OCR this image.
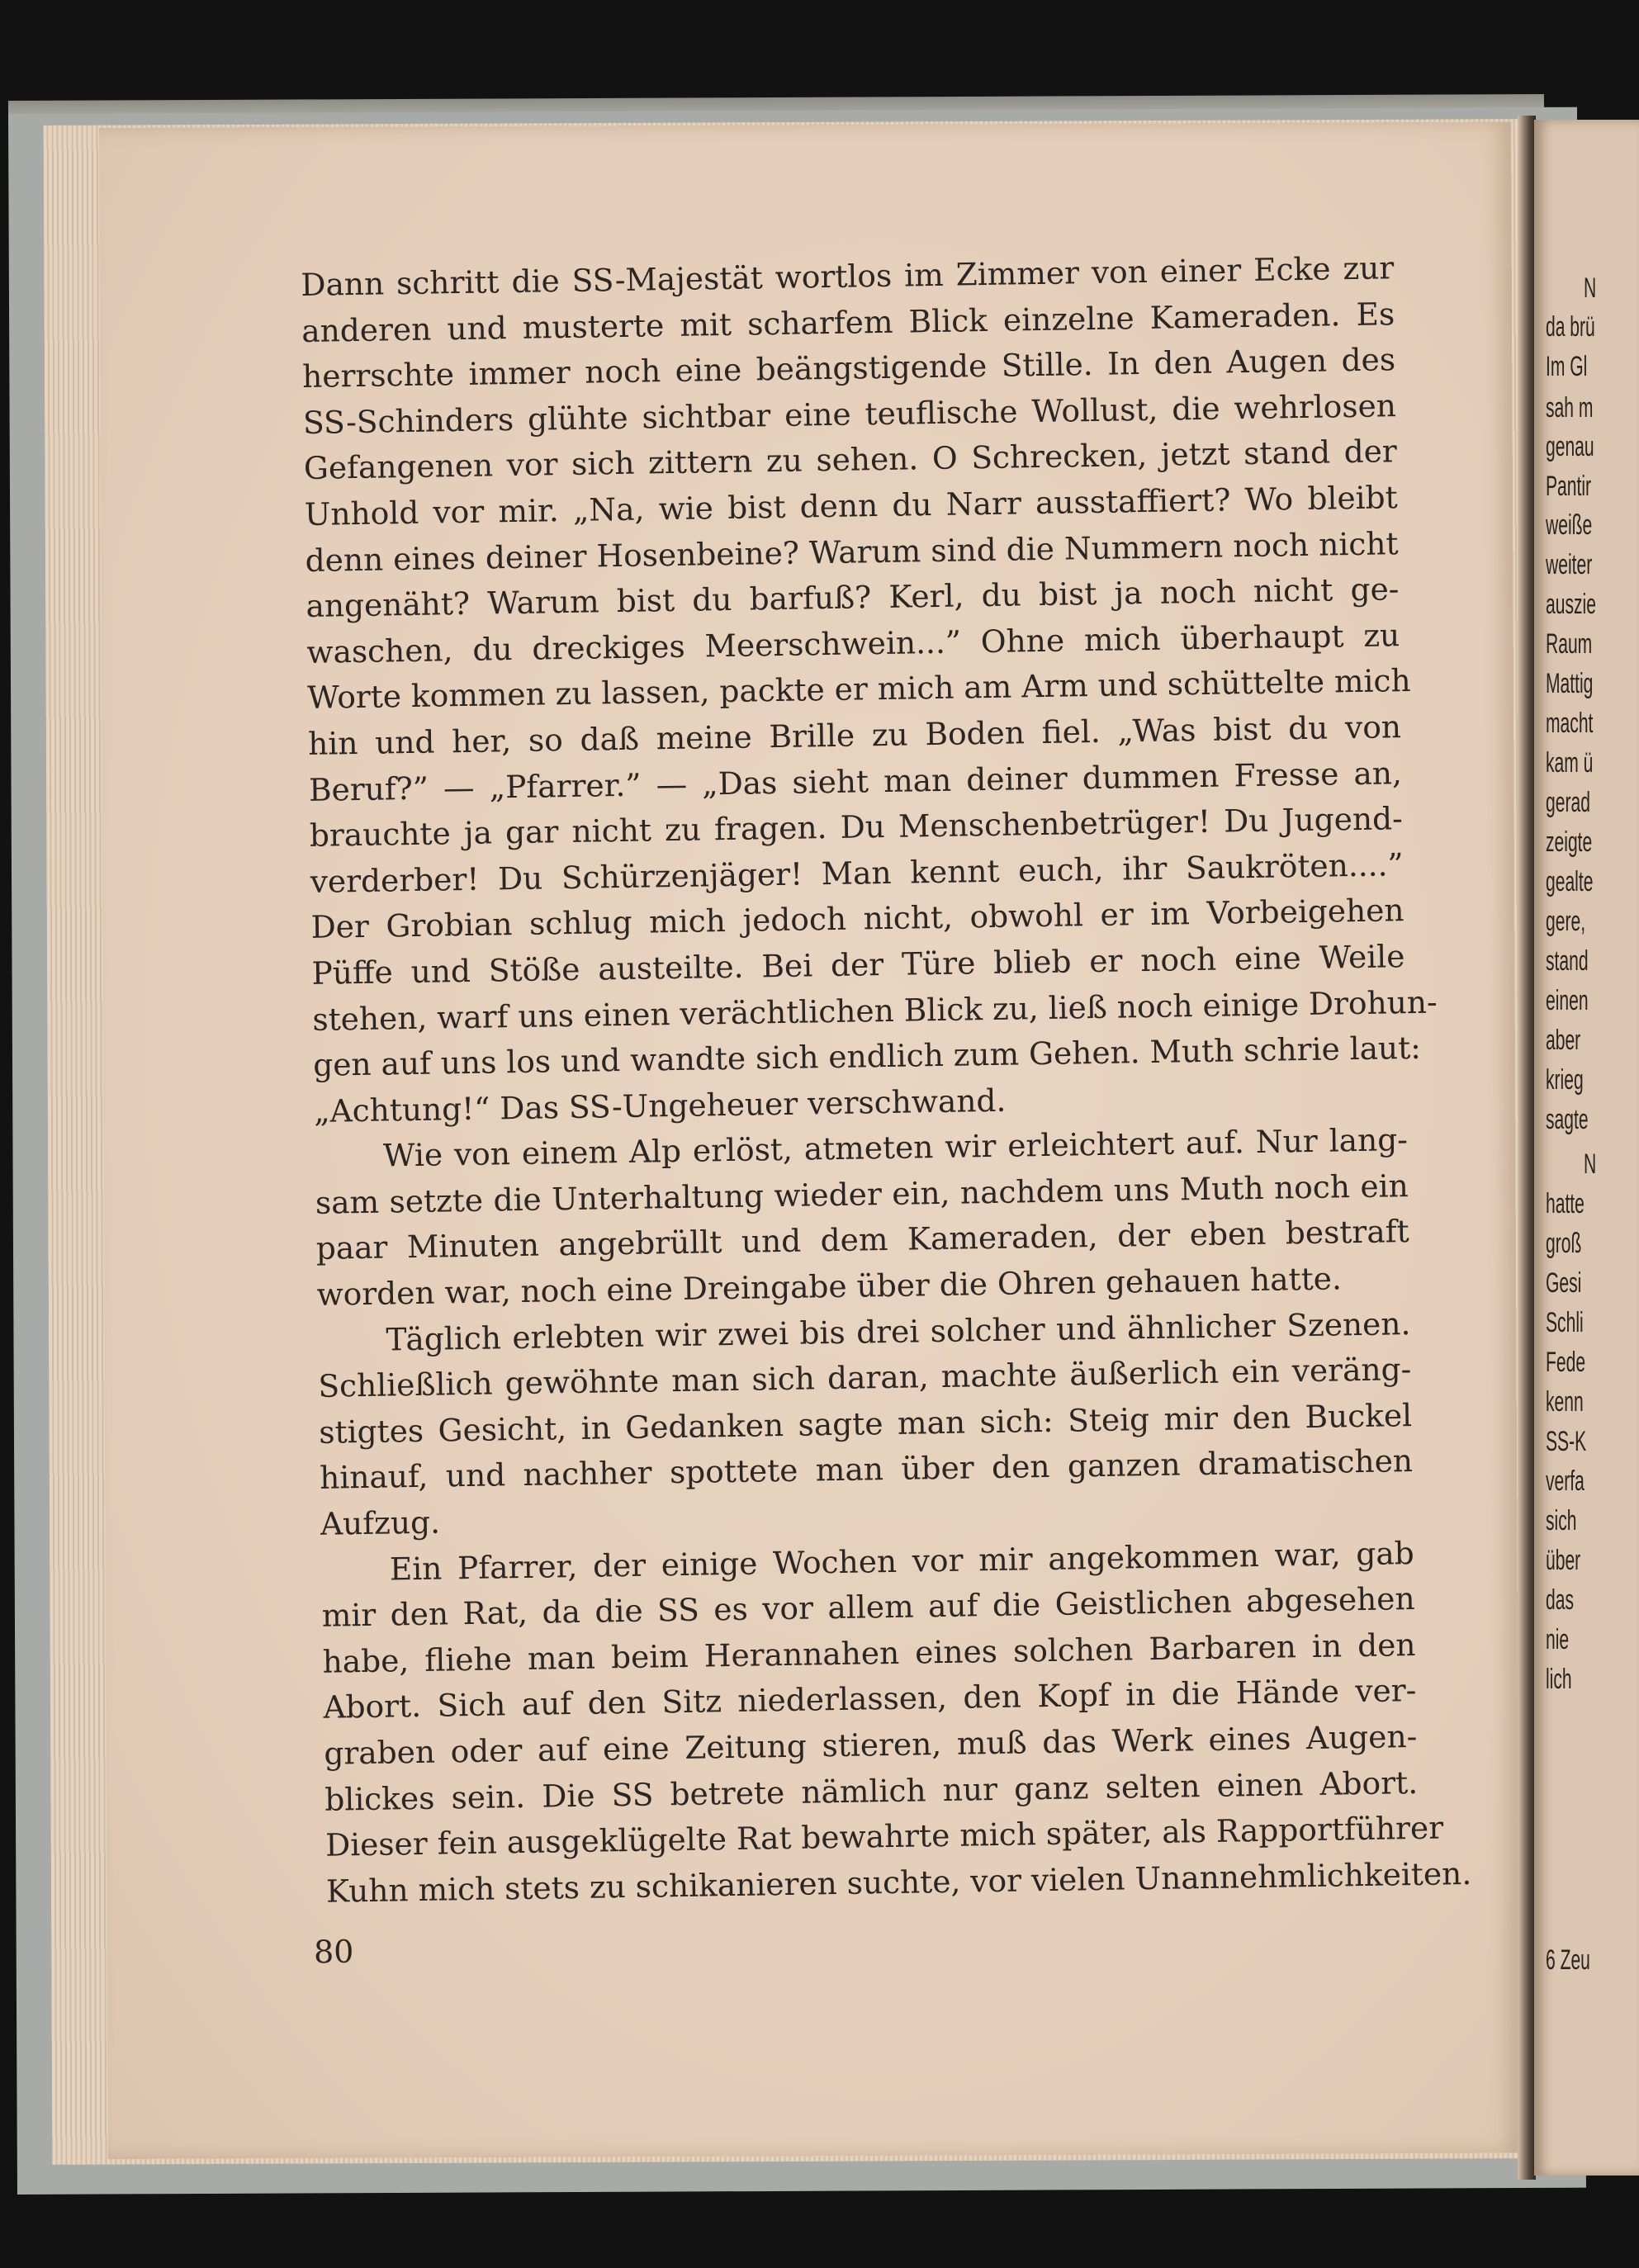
Dann schritt die SS-Majestät wortlos im Zimmer von einer Ecke zur
anderen und musterte mit scharfem Blick einzelne Kameraden. Es
herrschte immer noch eine beängstigende Stille. In den Augen des
SS-Schinders glühte sichtbar eine teuflische Wollust, die wehrlosen
Gefangenen vor sich zittern zu sehen. O Schrecken, jetzt stand der
Unhold vor mir. „Na, wie bist denn du Narr ausstaffiert? Wo bleibt
denn eines deiner Hosenbeine? Warum sind die Nummern noch nicht
angenäht? Warum bist du barfuß? Kerl, du bist ja noch nicht ge-
waschen, du dreckiges Meerschwein...” Ohne mich überhaupt zu
Worte kommen zu lassen, packte er mich am Arm und schüttelte mich
hin und her, so daß meine Brille zu Boden fiel. „Was bist du von
Beruf?” — „Pfarrer.” — „Das sieht man deiner dummen Fresse an,
brauchte ja gar nicht zu fragen. Du Menschenbetrüger! Du Jugend-
verderber! Du Schürzenjäger! Man kennt euch, ihr Saukröten....”
Der Grobian schlug mich jedoch nicht, obwohl er im Vorbeigehen
Püffe und Stöße austeilte. Bei der Türe blieb er noch eine Weile
stehen, warf uns einen verächtlichen Blick zu, ließ noch einige Drohun-
gen auf uns los und wandte sich endlich zum Gehen. Muth schrie laut:
„Achtung!“ Das SS-Ungeheuer verschwand.
Wie von einem Alp erlöst, atmeten wir erleichtert auf. Nur lang-
sam setzte die Unterhaltung wieder ein, nachdem uns Muth noch ein
paar Minuten angebrüllt und dem Kameraden, der eben bestraft
worden war, noch eine Dreingabe über die Ohren gehauen hatte.
Täglich erlebten wir zwei bis drei solcher und ähnlicher Szenen.
Schließlich gewöhnte man sich daran, machte äußerlich ein veräng-
stigtes Gesicht, in Gedanken sagte man sich: Steig mir den Buckel
hinauf, und nachher spottete man über den ganzen dramatischen
Aufzug.
Ein Pfarrer, der einige Wochen vor mir angekommen war, gab
mir den Rat, da die SS es vor allem auf die Geistlichen abgesehen
habe, fliehe man beim Herannahen eines solchen Barbaren in den
Abort. Sich auf den Sitz niederlassen, den Kopf in die Hände ver-
graben oder auf eine Zeitung stieren, muß das Werk eines Augen-
blickes sein. Die SS betrete nämlich nur ganz selten einen Abort.
Dieser fein ausgeklügelte Rat bewahrte mich später, als Rapportführer
Kuhn mich stets zu schikanieren suchte, vor vielen Unannehmlichkeiten.
80
N
da brü
Im Gl
sah m
genau
Pantir
weiße
weiter
auszie
Raum
Mattig
macht
kam ü
gerad
zeigte
gealte
gere,
stand
einen
aber
krieg
sagte
N
hatte
groß
Gesi
Schli
Fede
kenn
SS-K
verfa
sich
über
das
nie
lich
6 Zeu
